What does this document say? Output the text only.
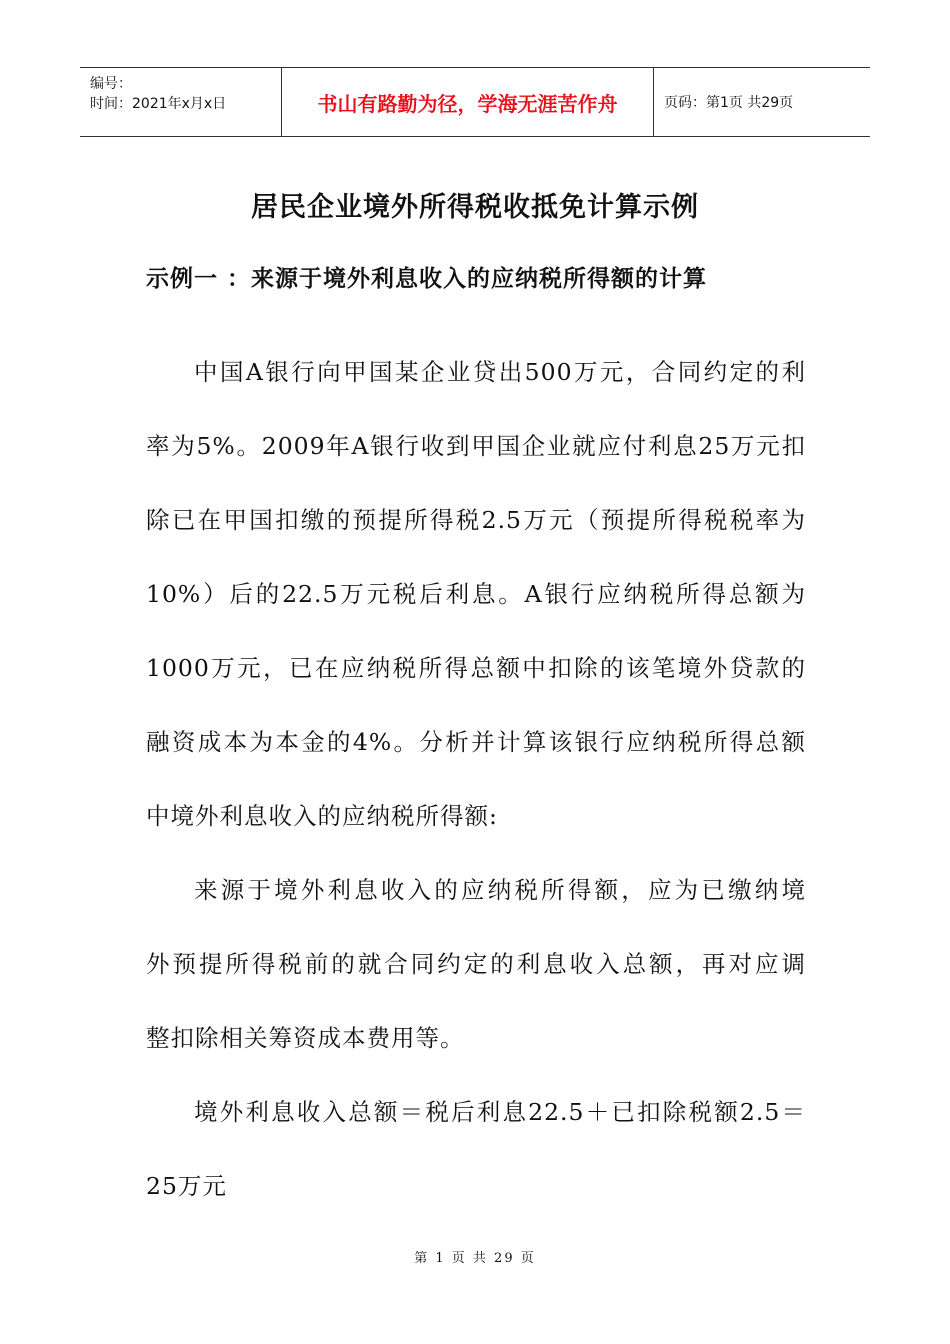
编号：
时间：2021年x月x日	书山有路勤为径，学海无涯苦作舟	页码：第1页 共29页
居民企业境外所得税收抵免计算示例
示例一 ：来源于境外利息收入的应纳税所得额的计算
中国A银行向甲国某企业贷出500万元，合同约定的利
率为5%。2009年A银行收到甲国企业就应付利息25万元扣
除已在甲国扣缴的预提所得税2.5万元（预提所得税税率为
10%）后的22.5万元税后利息。A银行应纳税所得总额为
1000万元，已在应纳税所得总额中扣除的该笔境外贷款的
融资成本为本金的4%。分析并计算该银行应纳税所得总额
中境外利息收入的应纳税所得额:
来源于境外利息收入的应纳税所得额，应为已缴纳境
外预提所得税前的就合同约定的利息收入总额，再对应调
整扣除相关筹资成本费用等。
境外利息收入总额＝税后利息22.5＋已扣除税额2.5＝
25万元
第 1 页 共 29 页
